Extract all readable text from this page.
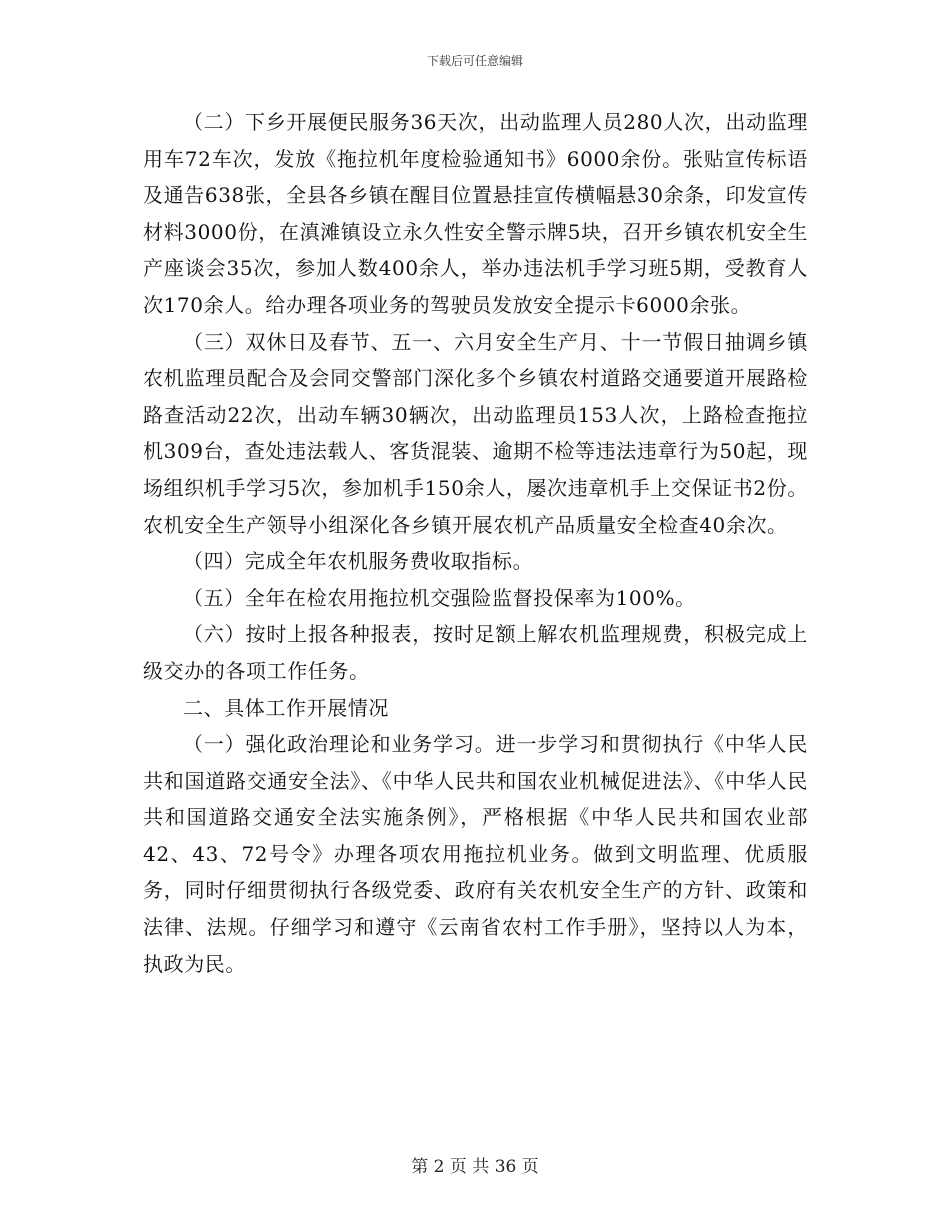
下载后可任意编辑

（二）下乡开展便民服务36天次，出动监理人员280人次，出动监理用车72车次，发放《拖拉机年度检验通知书》6000余份。张贴宣传标语及通告638张，全县各乡镇在醒目位置悬挂宣传横幅悬30余条，印发宣传材料3000份，在滇滩镇设立永久性安全警示牌5块，召开乡镇农机安全生产座谈会35次，参加人数400余人，举办违法机手学习班5期，受教育人次170余人。给办理各项业务的驾驶员发放安全提示卡6000余张。

（三）双休日及春节、五一、六月安全生产月、十一节假日抽调乡镇农机监理员配合及会同交警部门深化多个乡镇农村道路交通要道开展路检路查活动22次，出动车辆30辆次，出动监理员153人次，上路检查拖拉机309台，查处违法载人、客货混装、逾期不检等违法违章行为50起，现场组织机手学习5次，参加机手150余人，屡次违章机手上交保证书2份。农机安全生产领导小组深化各乡镇开展农机产品质量安全检查40余次。

（四）完成全年农机服务费收取指标。

（五）全年在检农用拖拉机交强险监督投保率为100%。

（六）按时上报各种报表，按时足额上解农机监理规费，积极完成上级交办的各项工作任务。

二、具体工作开展情况

（一）强化政治理论和业务学习。进一步学习和贯彻执行《中华人民共和国道路交通安全法》、《中华人民共和国农业机械促进法》、《中华人民共和国道路交通安全法实施条例》，严格根据《中华人民共和国农业部42、43、72号令》办理各项农用拖拉机业务。做到文明监理、优质服务，同时仔细贯彻执行各级党委、政府有关农机安全生产的方针、政策和法律、法规。仔细学习和遵守《云南省农村工作手册》，坚持以人为本，执政为民。

第 2 页 共 36 页
